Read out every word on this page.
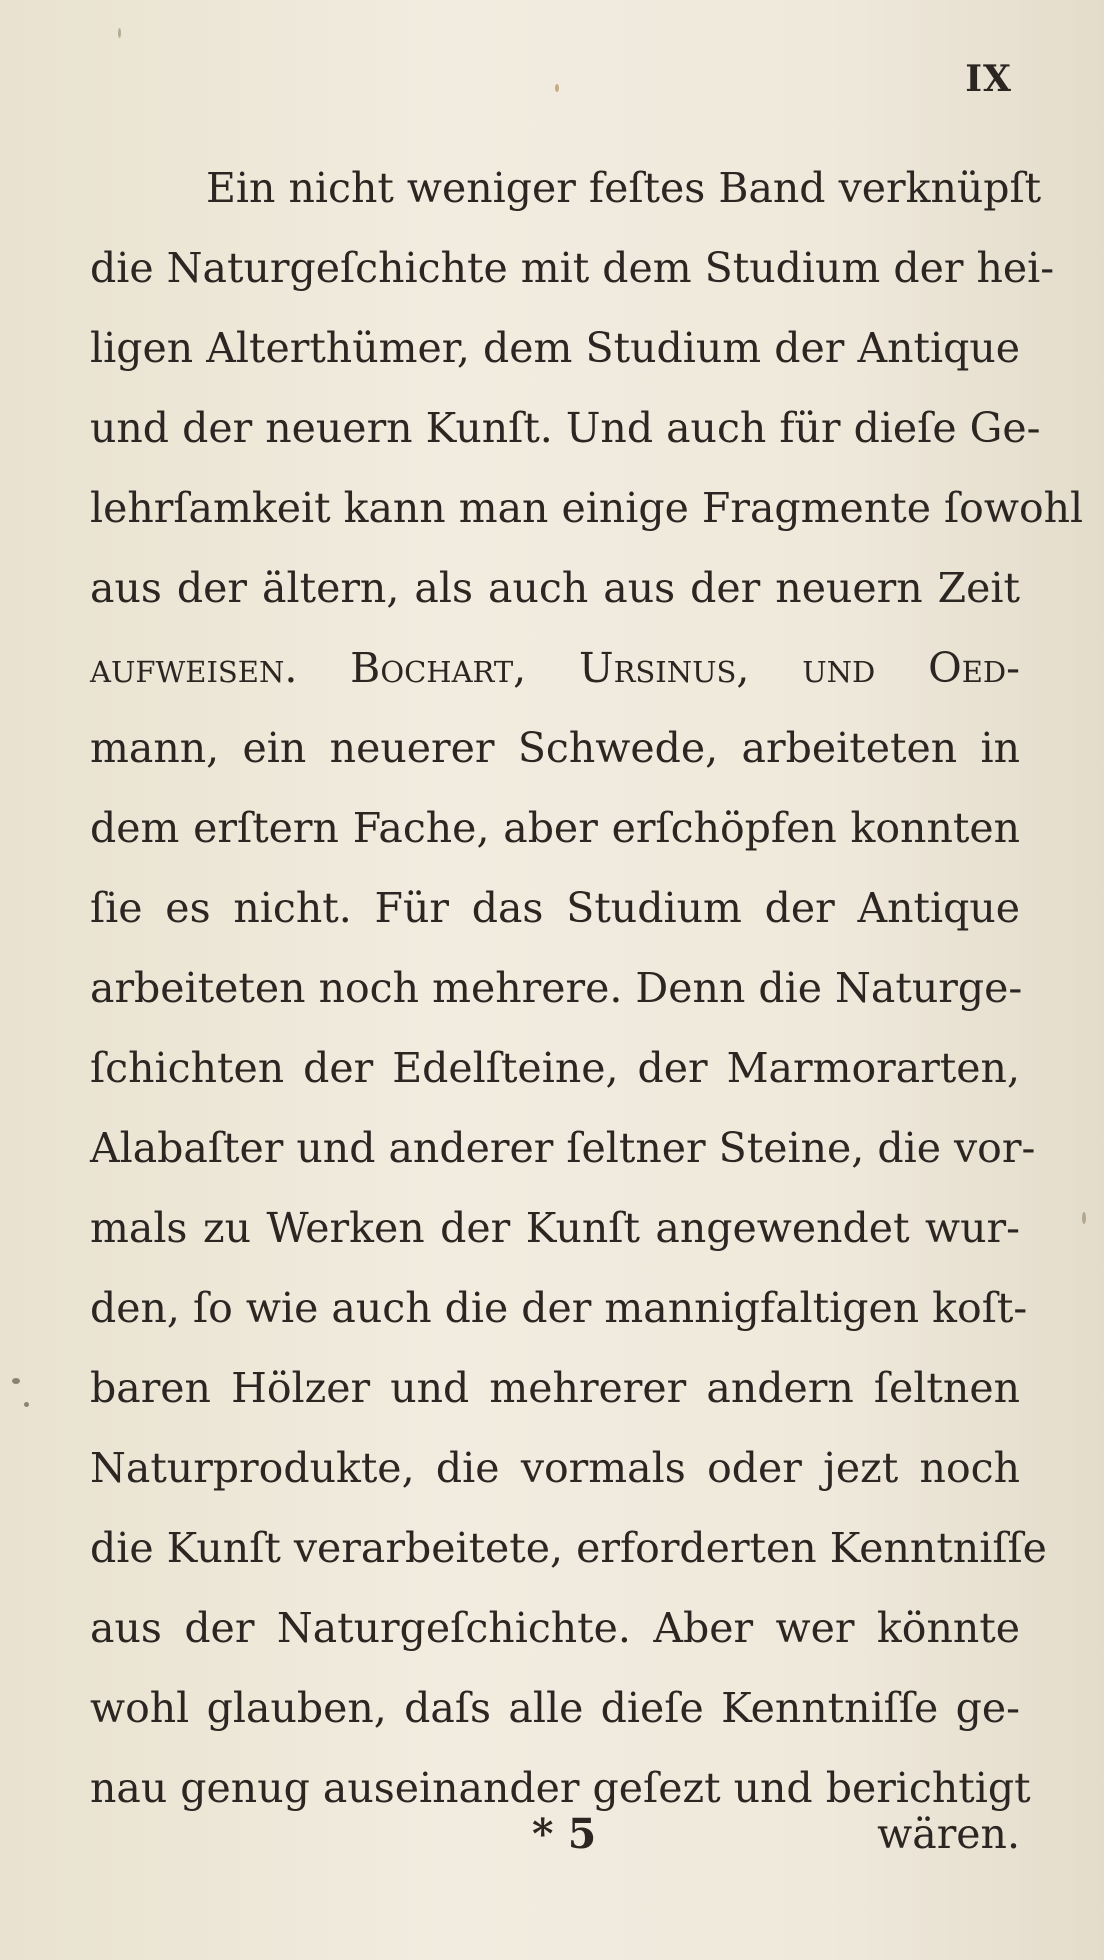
IX
Ein nicht weniger feſtes Band verknüpſt
die Naturgeſchichte mit dem Studium der hei-
ligen Alterthümer, dem Studium der Antique
und der neuern Kunſt. Und auch für dieſe Ge-
lehrſamkeit kann man einige Fragmente ſowohl
aus der ältern, als auch aus der neuern Zeit
aufweiſen. Bochart, Ursinus, und Oed-
mann, ein neuerer Schwede, arbeiteten in
dem erſtern Fache, aber erſchöpfen konnten
ſie es nicht. Für das Studium der Antique
arbeiteten noch mehrere. Denn die Naturge-
ſchichten der Edelſteine, der Marmorarten,
Alabaſter und anderer ſeltner Steine, die vor-
mals zu Werken der Kunſt angewendet wur-
den, ſo wie auch die der mannigfaltigen koſt-
baren Hölzer und mehrerer andern ſeltnen
Naturprodukte, die vormals oder jezt noch
die Kunſt verarbeitete, erforderten Kenntniſſe
aus der Naturgeſchichte. Aber wer könnte
wohl glauben, daſs alle dieſe Kenntniſſe ge-
nau genug auseinander geſezt und berichtigt
* 5	wären.
